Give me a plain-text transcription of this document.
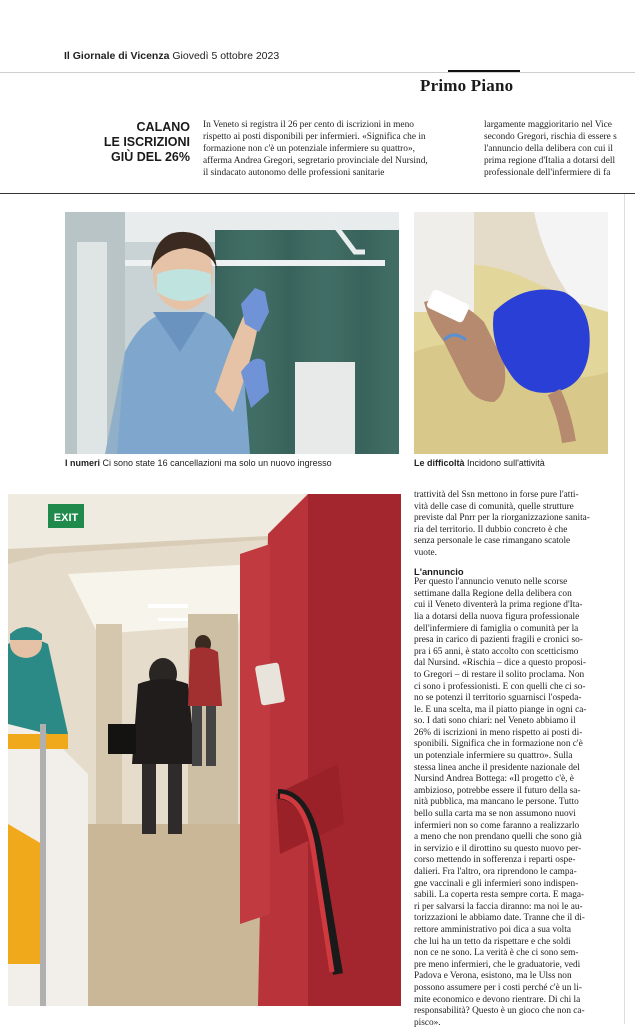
Il Giornale di Vicenza Giovedì 5 ottobre 2023
Primo Piano
CALANO
LE ISCRIZIONI
GIÙ DEL 26%
In Veneto si registra il 26 per cento di iscrizioni in meno
rispetto ai posti disponibili per infermieri. «Significa che in
formazione non c'è un potenziale infermiere su quattro»,
afferma Andrea Gregori, segretario provinciale del Nursind,
il sindacato autonomo delle professioni sanitarie
largamente maggioritario nel Vice
secondo Gregori, rischia di essere s
l'annuncio della delibera con cui il
prima regione d'Italia a dotarsi dell
professionale dell'infermiere di fa
I numeri Ci sono state 16 cancellazioni ma solo un nuovo ingresso	Le difficoltà Incidono sull'attività
EXIT
trattività del Ssn mettono in forse pure l'atti-
vità delle case di comunità, quelle strutture
previste dal Pnrr per la riorganizzazione sanita-
ria del territorio. Il dubbio concreto è che
senza personale le case rimangano scatole
vuote.
L'annuncio
Per questo l'annuncio venuto nelle scorse
settimane dalla Regione della delibera con
cui il Veneto diventerà la prima regione d'Ita-
lia a dotarsi della nuova figura professionale
dell'infermiere di famiglia o comunità per la
presa in carico di pazienti fragili e cronici so-
pra i 65 anni, è stato accolto con scetticismo
dal Nursind. «Rischia – dice a questo proposi-
to Gregori – di restare il solito proclama. Non
ci sono i professionisti. E con quelli che ci so-
no se potenzi il territorio sguarnisci l'ospeda-
le. È una scelta, ma il piatto piange in ogni ca-
so. I dati sono chiari: nel Veneto abbiamo il
26% di iscrizioni in meno rispetto ai posti di-
sponibili. Significa che in formazione non c'è
un potenziale infermiere su quattro». Sulla
stessa linea anche il presidente nazionale del
Nursind Andrea Bottega: «Il progetto c'è, è
ambizioso, potrebbe essere il futuro della sa-
nità pubblica, ma mancano le persone. Tutto
bello sulla carta ma se non assumono nuovi
infermieri non so come faranno a realizzarlo
a meno che non prendano quelli che sono già
in servizio e il dirottino su questo nuovo per-
corso mettendo in sofferenza i reparti ospe-
dalieri. Fra l'altro, ora riprendono le campa-
gne vaccinali e gli infermieri sono indispen-
sabili. La coperta resta sempre corta. E maga-
ri per salvarsi la faccia diranno: ma noi le au-
torizzazioni le abbiamo date. Tranne che il di-
rettore amministrativo poi dica a sua volta
che lui ha un tetto da rispettare e che soldi
non ce ne sono. La verità è che ci sono sem-
pre meno infermieri, che le graduatorie, vedi
Padova e Verona, esistono, ma le Ulss non
possono assumere per i costi perché c'è un li-
mite economico e devono rientrare. Di chi la
responsabilità? Questo è un gioco che non ca-
pisco».
